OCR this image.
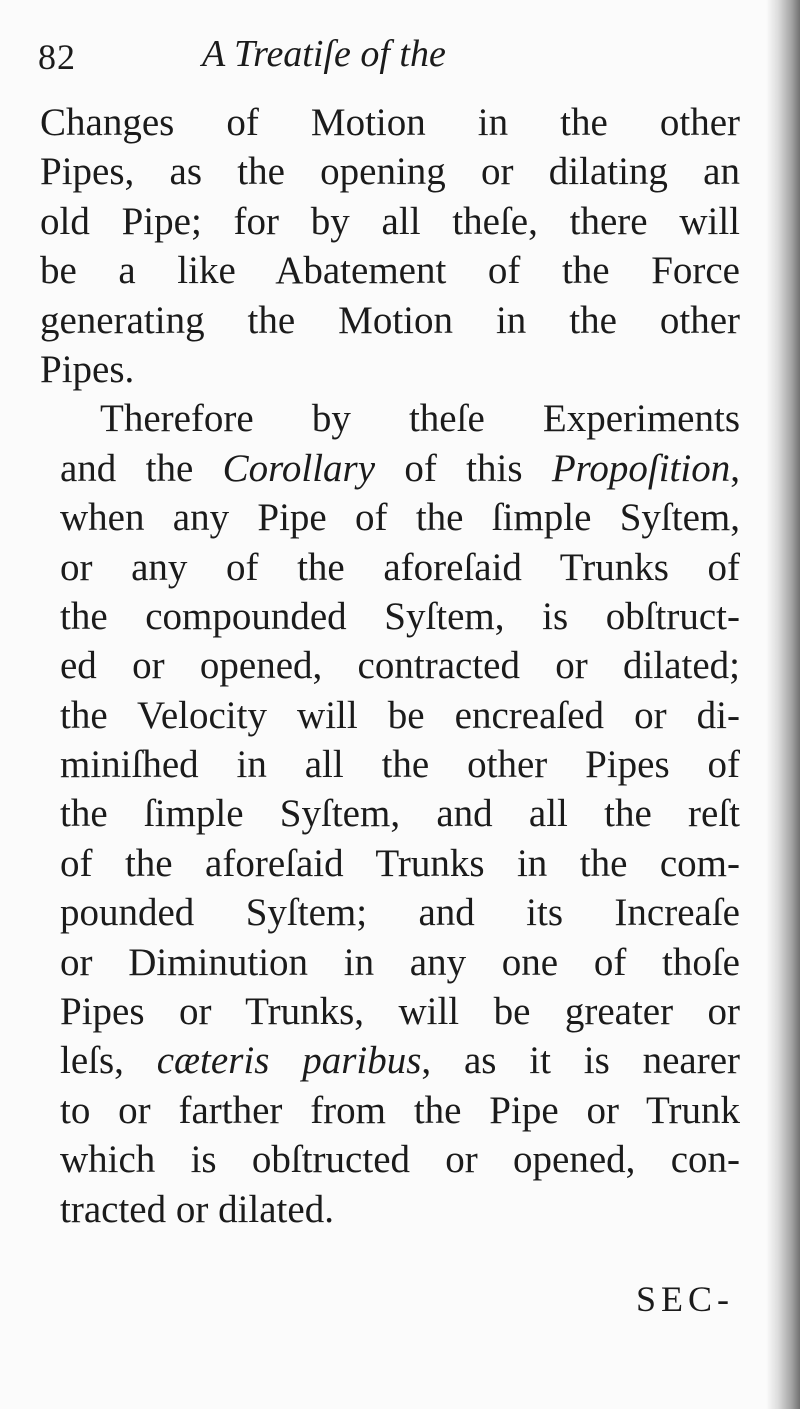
82	A Treatiſe of the
Changes of Motion in the other
Pipes, as the opening or dilating an
old Pipe; for by all theſe, there will
be a like Abatement of the Force
generating the Motion in the other
Pipes.
Therefore by theſe Experiments
and the Corollary of this Propoſition,
when any Pipe of the ſimple Syſtem,
or any of the aforeſaid Trunks of
the compounded Syſtem, is obſtruct-
ed or opened, contracted or dilated;
the Velocity will be encreaſed or di-
miniſhed in all the other Pipes of
the ſimple Syſtem, and all the reſt
of the aforeſaid Trunks in the com-
pounded Syſtem; and its Increaſe
or Diminution in any one of thoſe
Pipes or Trunks, will be greater or
leſs, cæteris paribus, as it is nearer
to or farther from the Pipe or Trunk
which is obſtructed or opened, con-
tracted or dilated.
SEC-
